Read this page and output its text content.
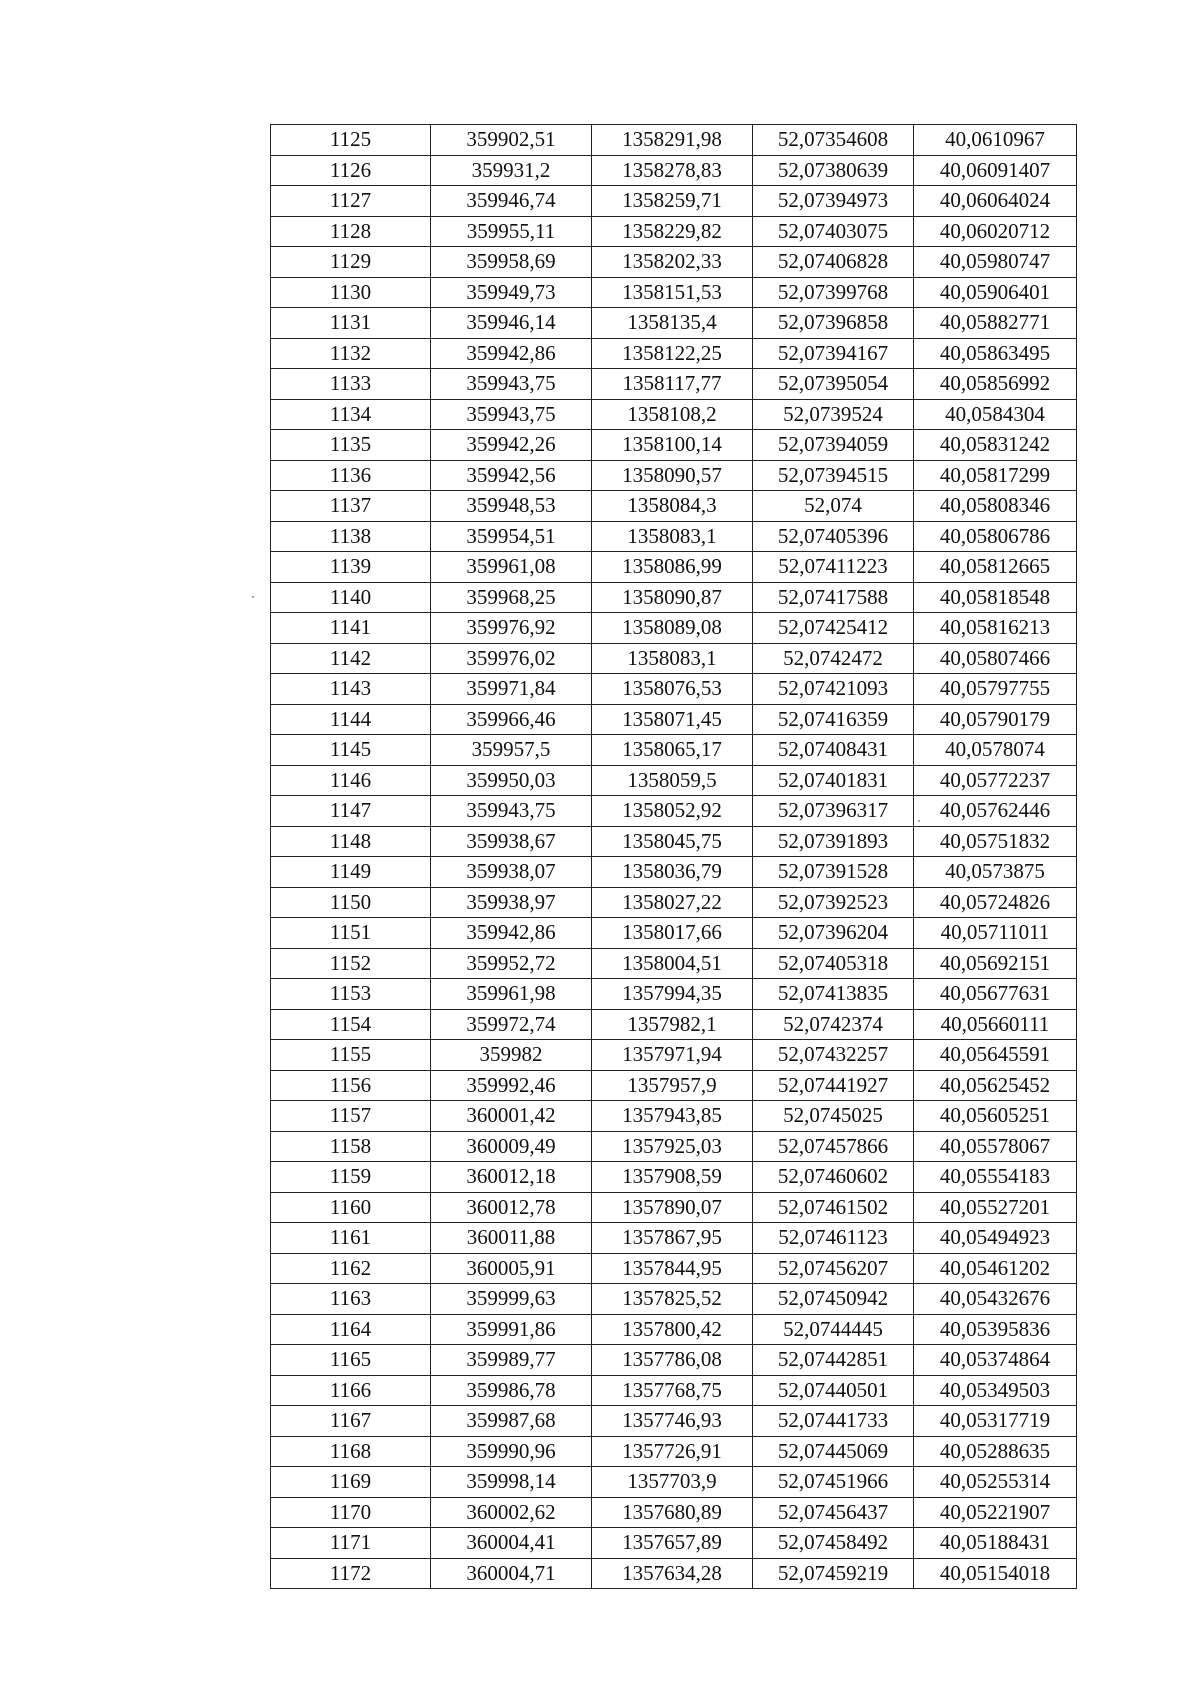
1125	359902,51	1358291,98	52,07354608	40,0610967
1126	359931,2	1358278,83	52,07380639	40,06091407
1127	359946,74	1358259,71	52,07394973	40,06064024
1128	359955,11	1358229,82	52,07403075	40,06020712
1129	359958,69	1358202,33	52,07406828	40,05980747
1130	359949,73	1358151,53	52,07399768	40,05906401
1131	359946,14	1358135,4	52,07396858	40,05882771
1132	359942,86	1358122,25	52,07394167	40,05863495
1133	359943,75	1358117,77	52,07395054	40,05856992
1134	359943,75	1358108,2	52,0739524	40,0584304
1135	359942,26	1358100,14	52,07394059	40,05831242
1136	359942,56	1358090,57	52,07394515	40,05817299
1137	359948,53	1358084,3	52,074	40,05808346
1138	359954,51	1358083,1	52,07405396	40,05806786
1139	359961,08	1358086,99	52,07411223	40,05812665
1140	359968,25	1358090,87	52,07417588	40,05818548
1141	359976,92	1358089,08	52,07425412	40,05816213
1142	359976,02	1358083,1	52,0742472	40,05807466
1143	359971,84	1358076,53	52,07421093	40,05797755
1144	359966,46	1358071,45	52,07416359	40,05790179
1145	359957,5	1358065,17	52,07408431	40,0578074
1146	359950,03	1358059,5	52,07401831	40,05772237
1147	359943,75	1358052,92	52,07396317	40,05762446
1148	359938,67	1358045,75	52,07391893	40,05751832
1149	359938,07	1358036,79	52,07391528	40,0573875
1150	359938,97	1358027,22	52,07392523	40,05724826
1151	359942,86	1358017,66	52,07396204	40,05711011
1152	359952,72	1358004,51	52,07405318	40,05692151
1153	359961,98	1357994,35	52,07413835	40,05677631
1154	359972,74	1357982,1	52,0742374	40,05660111
1155	359982	1357971,94	52,07432257	40,05645591
1156	359992,46	1357957,9	52,07441927	40,05625452
1157	360001,42	1357943,85	52,0745025	40,05605251
1158	360009,49	1357925,03	52,07457866	40,05578067
1159	360012,18	1357908,59	52,07460602	40,05554183
1160	360012,78	1357890,07	52,07461502	40,05527201
1161	360011,88	1357867,95	52,07461123	40,05494923
1162	360005,91	1357844,95	52,07456207	40,05461202
1163	359999,63	1357825,52	52,07450942	40,05432676
1164	359991,86	1357800,42	52,0744445	40,05395836
1165	359989,77	1357786,08	52,07442851	40,05374864
1166	359986,78	1357768,75	52,07440501	40,05349503
1167	359987,68	1357746,93	52,07441733	40,05317719
1168	359990,96	1357726,91	52,07445069	40,05288635
1169	359998,14	1357703,9	52,07451966	40,05255314
1170	360002,62	1357680,89	52,07456437	40,05221907
1171	360004,41	1357657,89	52,07458492	40,05188431
1172	360004,71	1357634,28	52,07459219	40,05154018
